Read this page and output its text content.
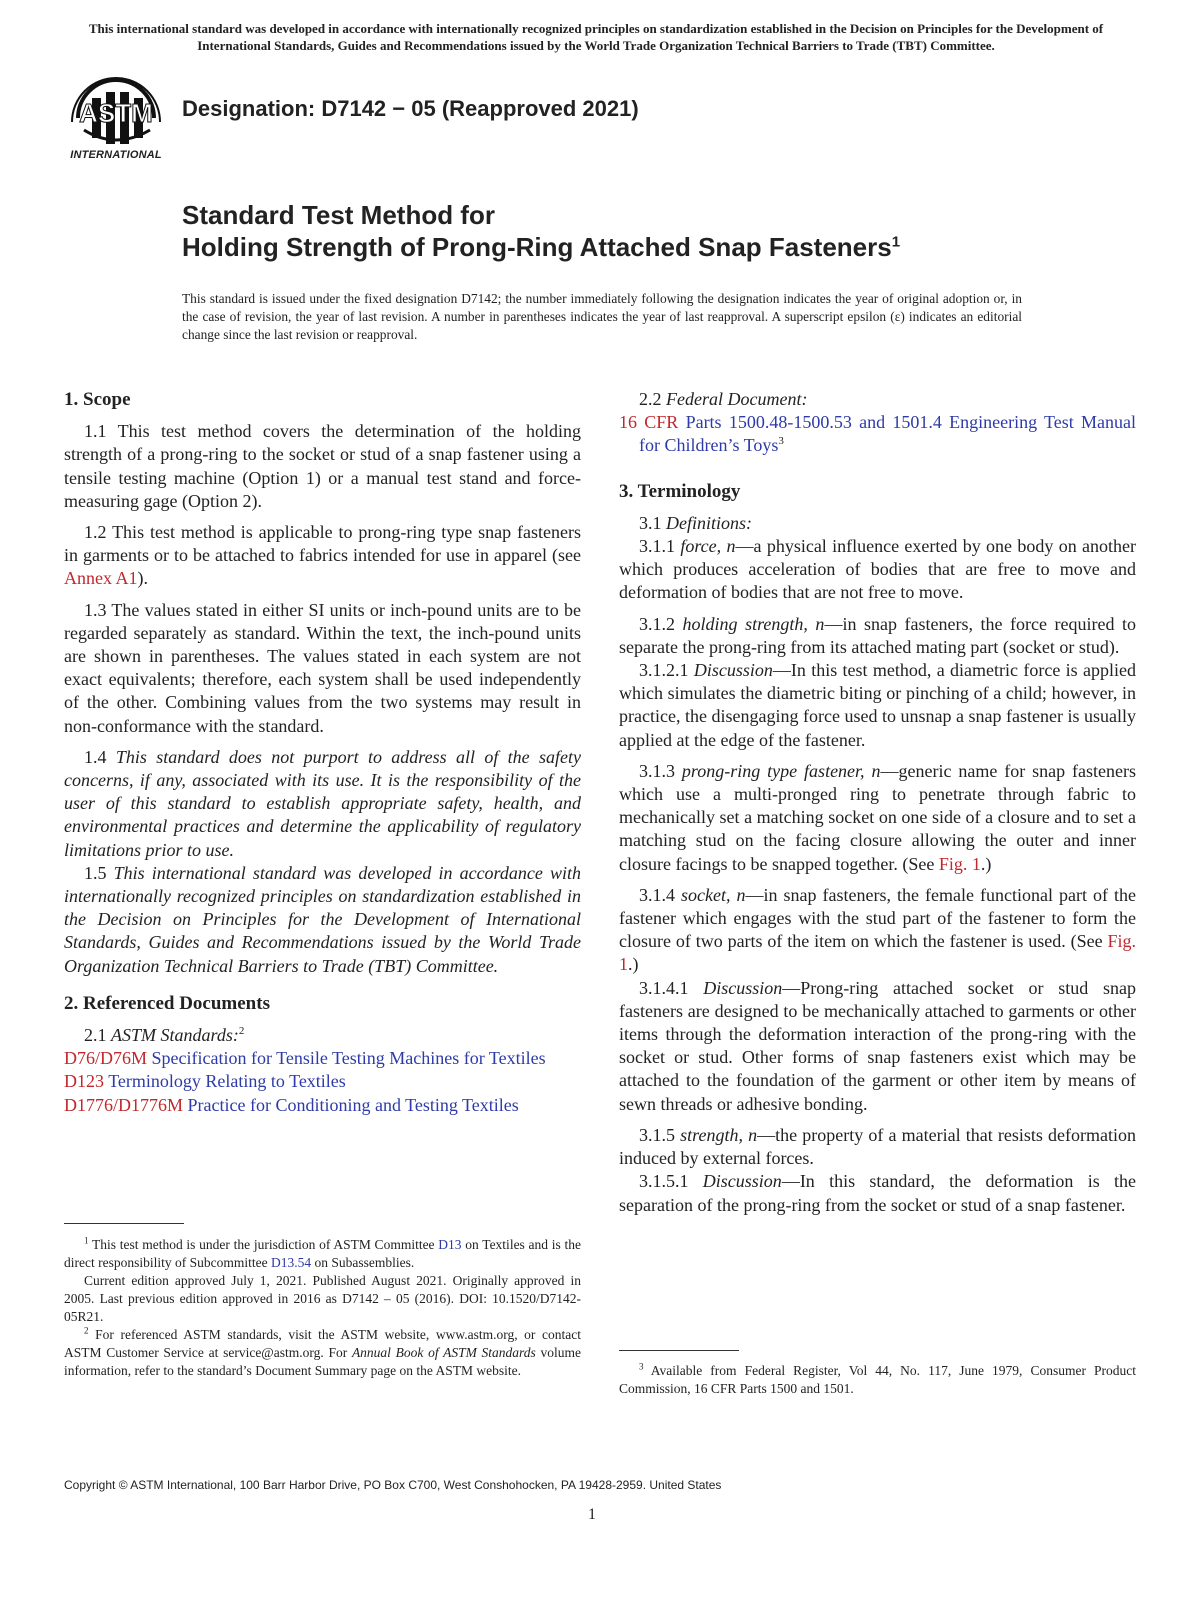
This international standard was developed in accordance with internationally recognized principles on standardization established in the Decision on Principles for the Development of International Standards, Guides and Recommendations issued by the World Trade Organization Technical Barriers to Trade (TBT) Committee.
ASTM
INTERNATIONAL
Designation: D7142 − 05 (Reapproved 2021)
Standard Test Method for
Holding Strength of Prong-Ring Attached Snap Fasteners$^1$
This standard is issued under the fixed designation D7142; the number immediately following the designation indicates the year of original adoption or, in the case of revision, the year of last revision. A number in parentheses indicates the year of last reapproval. A superscript epsilon (ε) indicates an editorial change since the last revision or reapproval.
1. Scope

1.1 This test method covers the determination of the holding strength of a prong-ring to the socket or stud of a snap fastener using a tensile testing machine (Option 1) or a manual test stand and force-measuring gage (Option 2).

1.2 This test method is applicable to prong-ring type snap fasteners in garments or to be attached to fabrics intended for use in apparel (see Annex A1).

1.3 The values stated in either SI units or inch-pound units are to be regarded separately as standard. Within the text, the inch-pound units are shown in parentheses. The values stated in each system are not exact equivalents; therefore, each system shall be used independently of the other. Combining values from the two systems may result in non-conformance with the standard.

1.4 This standard does not purport to address all of the safety concerns, if any, associated with its use. It is the responsibility of the user of this standard to establish appropriate safety, health, and environmental practices and determine the applicability of regulatory limitations prior to use.

1.5 This international standard was developed in accordance with internationally recognized principles on standardization established in the Decision on Principles for the Development of International Standards, Guides and Recommendations issued by the World Trade Organization Technical Barriers to Trade (TBT) Committee.

2. Referenced Documents

2.1 ASTM Standards:$^2$

D76/D76M Specification for Tensile Testing Machines for Textiles

D123 Terminology Relating to Textiles

D1776/D1776M Practice for Conditioning and Testing Textiles

$^1$ This test method is under the jurisdiction of ASTM Committee D13 on Textiles and is the direct responsibility of Subcommittee D13.54 on Subassemblies.

Current edition approved July 1, 2021. Published August 2021. Originally approved in 2005. Last previous edition approved in 2016 as D7142 – 05 (2016). DOI: 10.1520/D7142-05R21.

$^2$ For referenced ASTM standards, visit the ASTM website, www.astm.org, or contact ASTM Customer Service at service@astm.org. For Annual Book of ASTM Standards volume information, refer to the standard’s Document Summary page on the ASTM website.

2.2 Federal Document:

16 CFR Parts 1500.48-1500.53 and 1501.4 Engineering Test Manual for Children’s Toys$^3$

3. Terminology

3.1 Definitions:

3.1.1 force, n—a physical influence exerted by one body on another which produces acceleration of bodies that are free to move and deformation of bodies that are not free to move.

3.1.2 holding strength, n—in snap fasteners, the force required to separate the prong-ring from its attached mating part (socket or stud).

3.1.2.1 Discussion—In this test method, a diametric force is applied which simulates the diametric biting or pinching of a child; however, in practice, the disengaging force used to unsnap a snap fastener is usually applied at the edge of the fastener.

3.1.3 prong-ring type fastener, n—generic name for snap fasteners which use a multi-pronged ring to penetrate through fabric to mechanically set a matching socket on one side of a closure and to set a matching stud on the facing closure allowing the outer and inner closure facings to be snapped together. (See Fig. 1.)

3.1.4 socket, n—in snap fasteners, the female functional part of the fastener which engages with the stud part of the fastener to form the closure of two parts of the item on which the fastener is used. (See Fig. 1.)

3.1.4.1 Discussion—Prong-ring attached socket or stud snap fasteners are designed to be mechanically attached to garments or other items through the deformation interaction of the prong-ring with the socket or stud. Other forms of snap fasteners exist which may be attached to the foundation of the garment or other item by means of sewn threads or adhesive bonding.

3.1.5 strength, n—the property of a material that resists deformation induced by external forces.

3.1.5.1 Discussion—In this standard, the deformation is the separation of the prong-ring from the socket or stud of a snap fastener.

$^3$ Available from Federal Register, Vol 44, No. 117, June 1979, Consumer Product Commission, 16 CFR Parts 1500 and 1501.

Copyright © ASTM International, 100 Barr Harbor Drive, PO Box C700, West Conshohocken, PA 19428-2959. United States
1
